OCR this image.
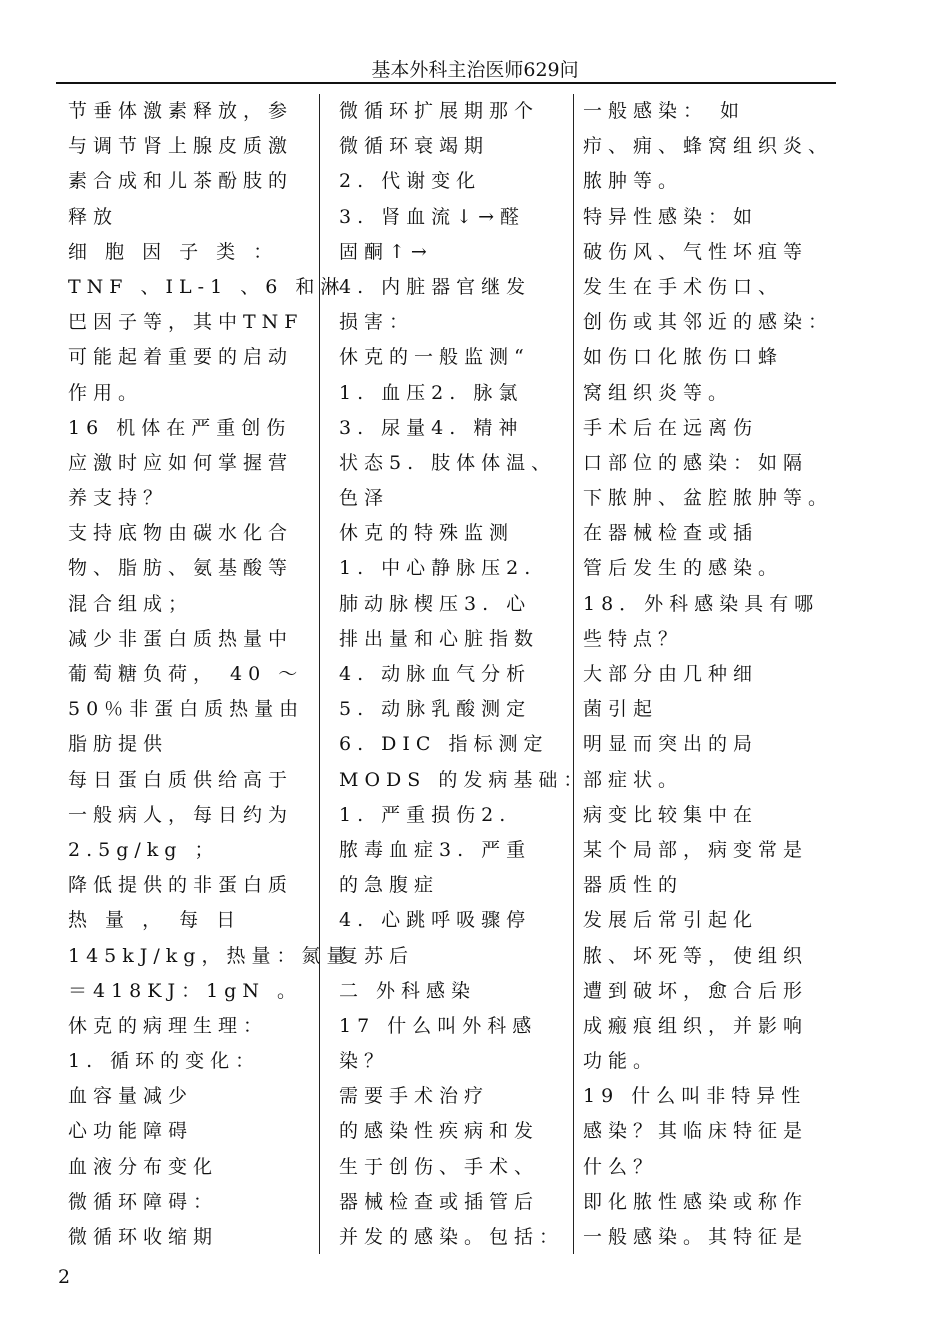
基本外科主治医师629问
节垂体激素释放，参
与调节肾上腺皮质激
素合成和儿茶酚肢的
释放
细 胞 因 子 类 ：
TNF 、IL-1 、6 和淋
巴因子等，其中TNF
可能起着重要的启动
作用。
16 机体在严重创伤
应激时应如何掌握营
养支持？
支持底物由碳水化合
物、脂肪、氨基酸等
混合组成；
减少非蛋白质热量中
葡萄糖负荷， 40 ～
50％非蛋白质热量由
脂肪提供
每日蛋白质供给高于
一般病人，每日约为
2.5g/kg ；
降低提供的非蛋白质
热 量 ， 每 日
145kJ/kg，热量：氮量
＝418KJ：1gN 。
休克的病理生理：
1. 循环的变化：
血容量减少
心功能障碍
血液分布变化
微循环障碍：
微循环收缩期
微循环扩展期那个
微循环衰竭期
2. 代谢变化
3. 肾血流↓→醛
固酮↑→
4. 内脏器官继发
损害：
休克的一般监测“
1. 血压2. 脉氯
3. 尿量4. 精神
状态5. 肢体体温、
色泽
休克的特殊监测
1. 中心静脉压2.
肺动脉楔压3. 心
排出量和心脏指数
4. 动脉血气分析
5. 动脉乳酸测定
6. DIC 指标测定
MODS 的发病基础：
1. 严重损伤2.
脓毒血症3. 严重
的急腹症
4. 心跳呼吸骤停
复苏后
二 外科感染
17 什么叫外科感
染？
需要手术治疗
的感染性疾病和发
生于创伤、手术、
器械检查或插管后
并发的感染。包括：
一般感染： 如
疖、痈、蜂窝组织炎、
脓肿等。
特异性感染：如
破伤风、气性坏疽等
发生在手术伤口、
创伤或其邻近的感染：
如伤口化脓伤口蜂
窝组织炎等。
手术后在远离伤
口部位的感染：如隔
下脓肿、盆腔脓肿等。
在器械检查或插
管后发生的感染。
18．外科感染具有哪
些特点？
大部分由几种细
菌引起
明显而突出的局
部症状。
病变比较集中在
某个局部，病变常是
器质性的
发展后常引起化
脓、坏死等，使组织
遭到破坏，愈合后形
成瘢痕组织，并影响
功能。
19 什么叫非特异性
感染？其临床特征是
什么？
即化脓性感染或称作
一般感染。其特征是
2
